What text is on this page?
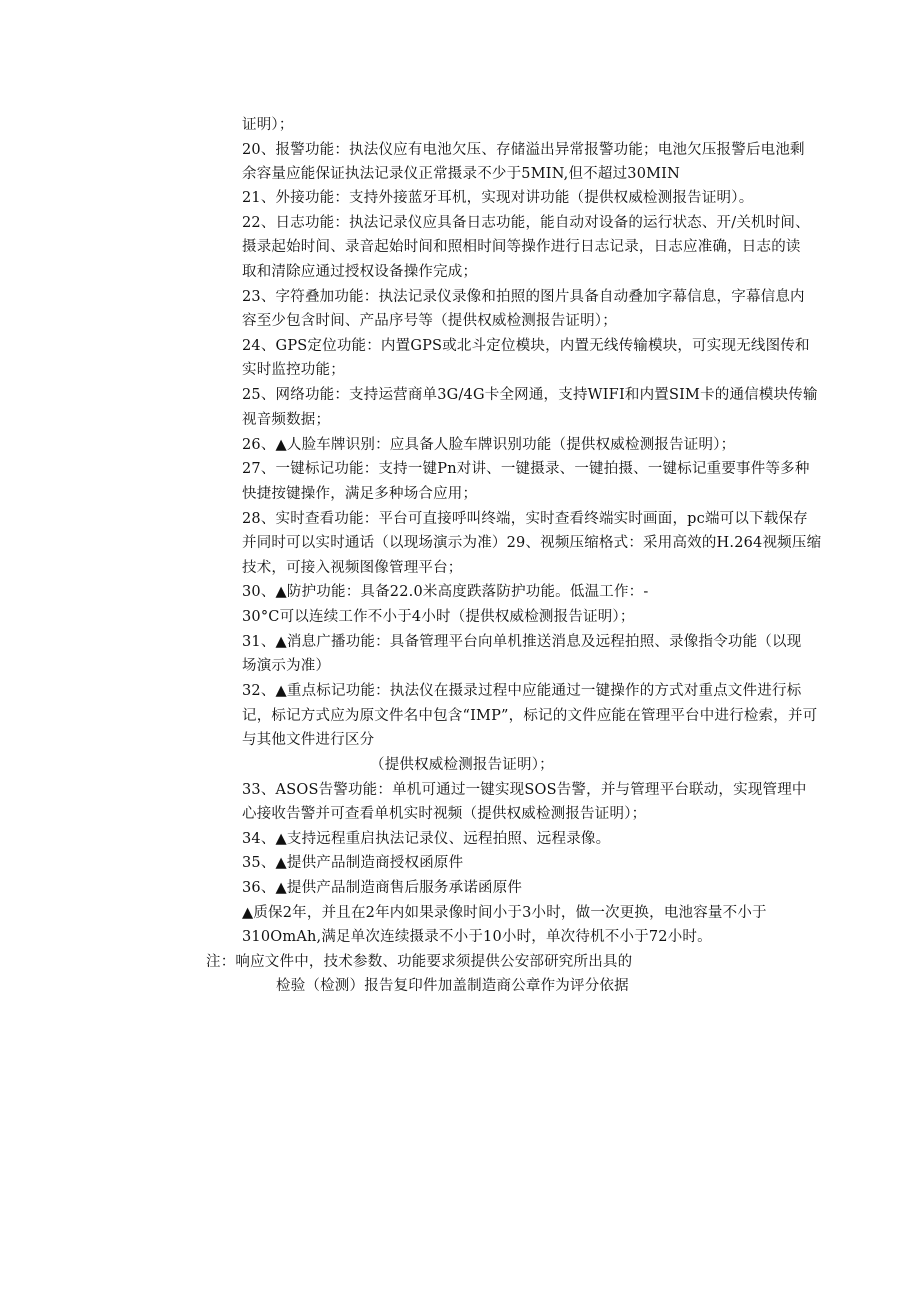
证明）；
20、报警功能：执法仪应有电池欠压、存储溢出异常报警功能；电池欠压报警后电池剩
余容量应能保证执法记录仪正常摄录不少于5MIN,但不超过30MIN
21、外接功能：支持外接蓝牙耳机，实现对讲功能（提供权威检测报告证明）。
22、日志功能：执法记录仪应具备日志功能，能自动对设备的运行状态、开/关机时间、
摄录起始时间、录音起始时间和照相时间等操作进行日志记录，日志应准确，日志的读
取和清除应通过授权设备操作完成；
23、字符叠加功能：执法记录仪录像和拍照的图片具备自动叠加字幕信息，字幕信息内
容至少包含时间、产品序号等（提供权威检测报告证明）；
24、GPS定位功能：内置GPS或北斗定位模块，内置无线传输模块，可实现无线图传和
实时监控功能；
25、网络功能：支持运营商单3G/4G卡全网通，支持WIFI和内置SIM卡的通信模块传输
视音频数据；
26、▲人脸车牌识别：应具备人脸车牌识别功能（提供权威检测报告证明）；
27、一键标记功能：支持一键Pn对讲、一键摄录、一键拍摄、一键标记重要事件等多种
快捷按键操作，满足多种场合应用；
28、实时查看功能：平台可直接呼叫终端，实时查看终端实时画面，pc端可以下载保存
并同时可以实时通话（以现场演示为准）29、视频压缩格式：采用高效的H.264视频压缩
技术，可接入视频图像管理平台；
30、▲防护功能：具备22.0米高度跌落防护功能。低温工作：-
30°C可以连续工作不小于4小时（提供权威检测报告证明）；
31、▲消息广播功能：具备管理平台向单机推送消息及远程拍照、录像指令功能（以现
场演示为准）
32、▲重点标记功能：执法仪在摄录过程中应能通过一键操作的方式对重点文件进行标
记，标记方式应为原文件名中包含“IMP”，标记的文件应能在管理平台中进行检索，并可
与其他文件进行区分
（提供权威检测报告证明）；
33、ASOS告警功能：单机可通过一键实现SOS告警，并与管理平台联动，实现管理中
心接收告警并可查看单机实时视频（提供权威检测报告证明）；
34、▲支持远程重启执法记录仪、远程拍照、远程录像。
35、▲提供产品制造商授权函原件
36、▲提供产品制造商售后服务承诺函原件
▲质保2年，并且在2年内如果录像时间小于3小时，做一次更换，电池容量不小于
310OmAh,满足单次连续摄录不小于10小时，单次待机不小于72小时。
注：响应文件中，技术参数、功能要求须提供公安部研究所出具的
检验（检测）报告复印件加盖制造商公章作为评分依据
